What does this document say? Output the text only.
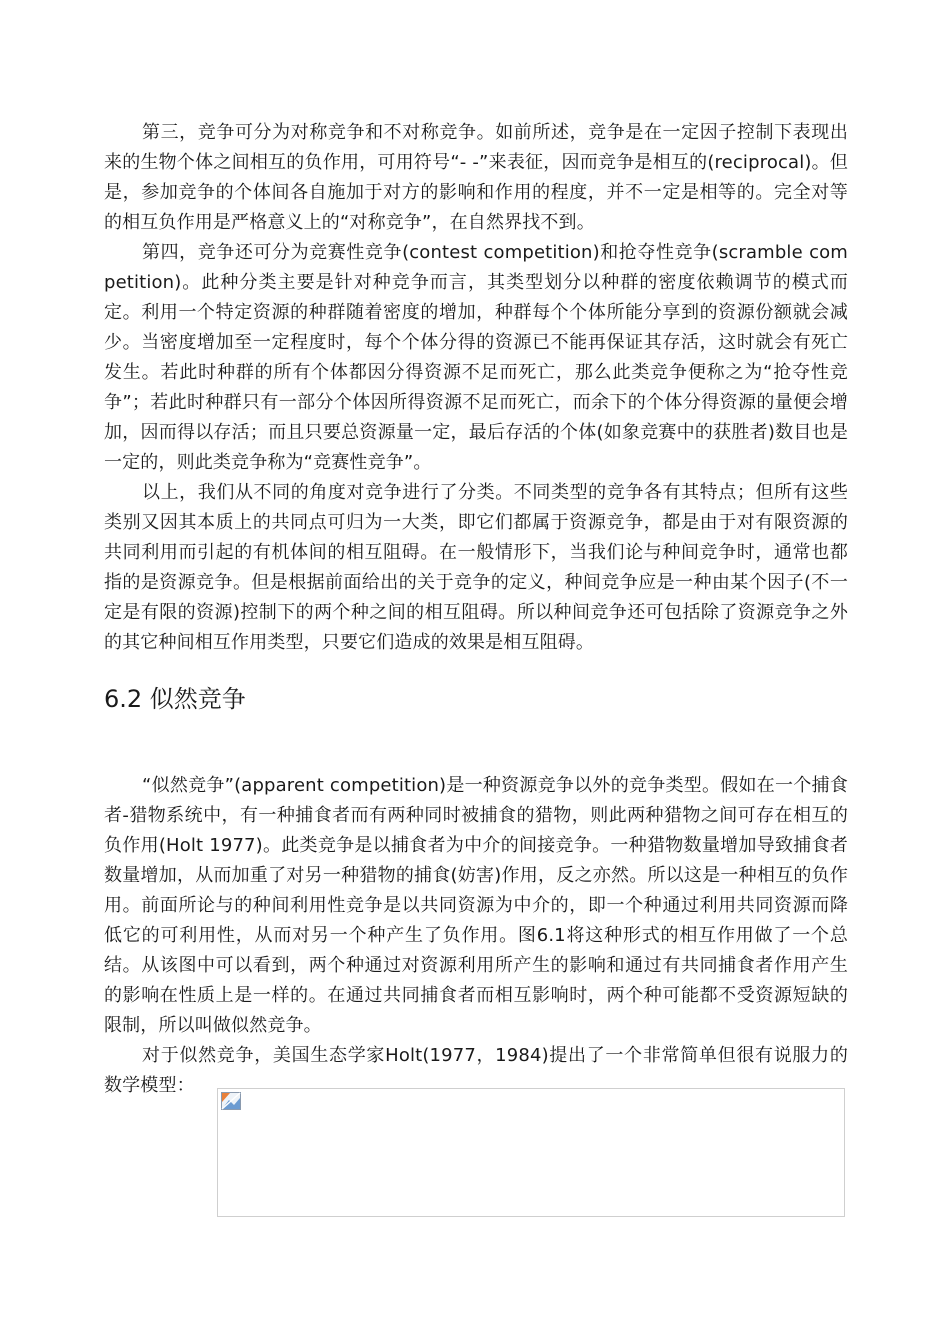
第三，竞争可分为对称竞争和不对称竞争。如前所述，竞争是在一定因子控制下表现出来的生物个体之间相互的负作用，可用符号“- -”来表征，因而竞争是相互的(reciprocal)。但是，参加竞争的个体间各自施加于对方的影响和作用的程度，并不一定是相等的。完全对等的相互负作用是严格意义上的“对称竞争”，在自然界找不到。

第四，竞争还可分为竞赛性竞争(contest competition)和抢夺性竞争(scramble competition)。此种分类主要是针对种竞争而言，其类型划分以种群的密度依赖调节的模式而定。利用一个特定资源的种群随着密度的增加，种群每个个体所能分享到的资源份额就会减少。当密度增加至一定程度时，每个个体分得的资源已不能再保证其存活，这时就会有死亡发生。若此时种群的所有个体都因分得资源不足而死亡，那么此类竞争便称之为“抢夺性竞争”；若此时种群只有一部分个体因所得资源不足而死亡，而余下的个体分得资源的量便会增加，因而得以存活；而且只要总资源量一定，最后存活的个体(如象竞赛中的获胜者)数目也是一定的，则此类竞争称为“竞赛性竞争”。

以上，我们从不同的角度对竞争进行了分类。不同类型的竞争各有其特点；但所有这些类别又因其本质上的共同点可归为一大类，即它们都属于资源竞争，都是由于对有限资源的共同利用而引起的有机体间的相互阻碍。在一般情形下，当我们论与种间竞争时，通常也都指的是资源竞争。但是根据前面给出的关于竞争的定义，种间竞争应是一种由某个因子(不一定是有限的资源)控制下的两个种之间的相互阻碍。所以种间竞争还可包括除了资源竞争之外的其它种间相互作用类型，只要它们造成的效果是相互阻碍。

6.2 似然竞争

“似然竞争”(apparent competition)是一种资源竞争以外的竞争类型。假如在一个捕食者-猎物系统中，有一种捕食者而有两种同时被捕食的猎物，则此两种猎物之间可存在相互的负作用(Holt 1977)。此类竞争是以捕食者为中介的间接竞争。一种猎物数量增加导致捕食者数量增加，从而加重了对另一种猎物的捕食(妨害)作用，反之亦然。所以这是一种相互的负作用。前面所论与的种间利用性竞争是以共同资源为中介的，即一个种通过利用共同资源而降低它的可利用性，从而对另一个种产生了负作用。图6.1将这种形式的相互作用做了一个总结。从该图中可以看到，两个种通过对资源利用所产生的影响和通过有共同捕食者作用产生的影响在性质上是一样的。在通过共同捕食者而相互影响时，两个种可能都不受资源短缺的限制，所以叫做似然竞争。

对于似然竞争，美国生态学家Holt(1977，1984)提出了一个非常简单但很有说服力的数学模型：
